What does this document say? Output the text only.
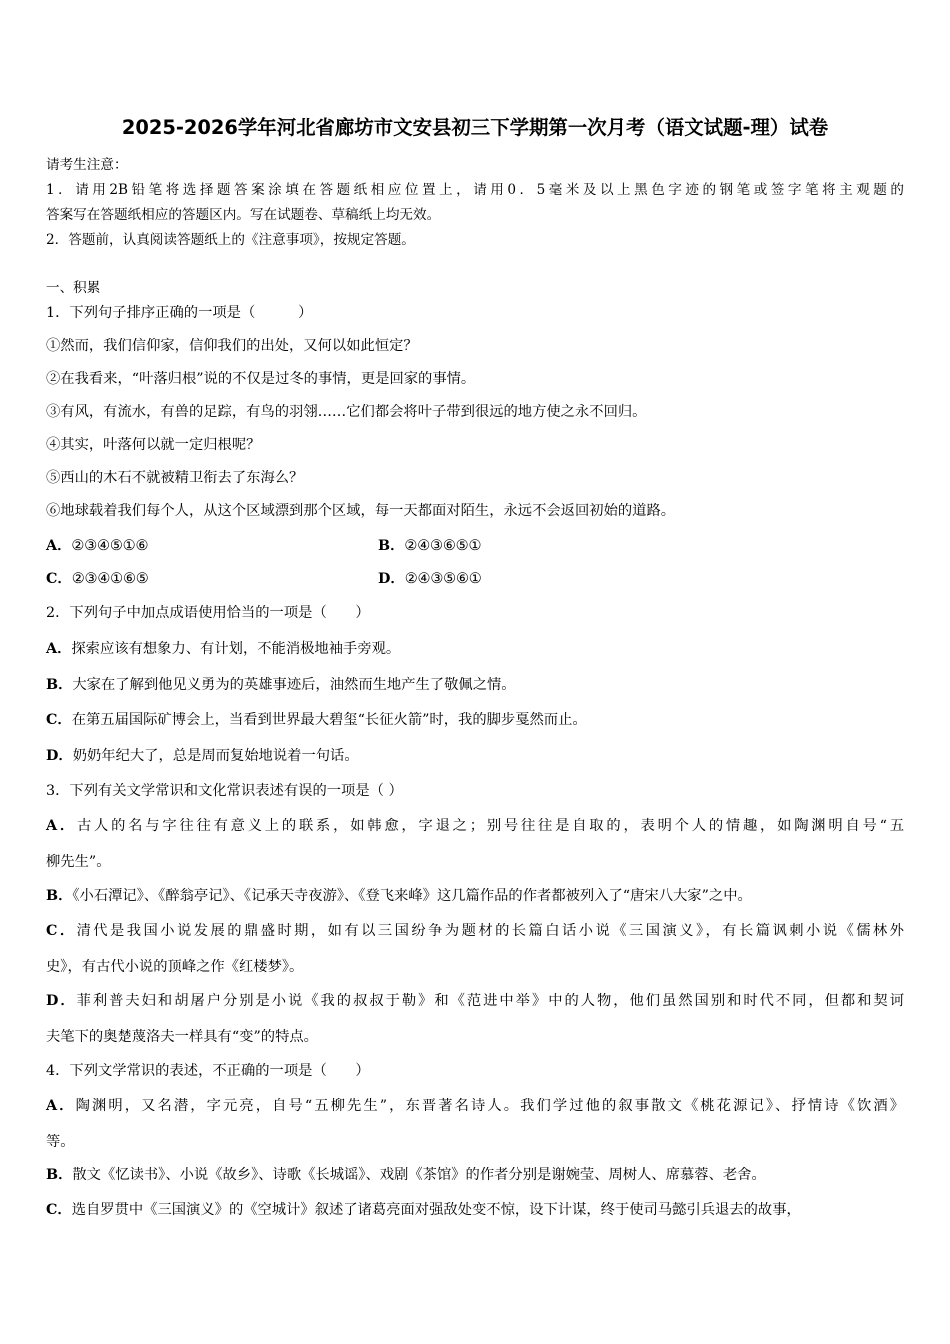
2025-2026学年河北省廊坊市文安县初三下学期第一次月考（语文试题-理）试卷
请考生注意：
1．请用2B铅笔将选择题答案涂填在答题纸相应位置上，请用0．5毫米及以上黑色字迹的钢笔或签字笔将主观题的
答案写在答题纸相应的答题区内。写在试题卷、草稿纸上均无效。
2．答题前，认真阅读答题纸上的《注意事项》，按规定答题。
一、积累
1．下列句子排序正确的一项是（　　　）
①然而，我们信仰家，信仰我们的出处，又何以如此恒定？
②在我看来，“叶落归根”说的不仅是过冬的事情，更是回家的事情。
③有风，有流水，有兽的足踪，有鸟的羽翎……它们都会将叶子带到很远的地方使之永不回归。
④其实，叶落何以就一定归根呢？
⑤西山的木石不就被精卫衔去了东海么？
⑥地球载着我们每个人，从这个区域漂到那个区域，每一天都面对陌生，永远不会返回初始的道路。
A．②③④⑤①⑥	B．②④③⑥⑤①
C．②③④①⑥⑤	D．②④③⑤⑥①
2．下列句子中加点成语使用恰当的一项是（　　）
A．探索应该有想象力、有计划，不能消极地袖手旁观。
B．大家在了解到他见义勇为的英雄事迹后，油然而生地产生了敬佩之情。
C．在第五届国际矿博会上，当看到世界最大碧玺“长征火箭”时，我的脚步戛然而止。
D．奶奶年纪大了，总是周而复始地说着一句话。
3．下列有关文学常识和文化常识表述有误的一项是（ ）
A．古人的名与字往往有意义上的联系，如韩愈，字退之；别号往往是自取的，表明个人的情趣，如陶渊明自号“五
柳先生”。
B．《小石潭记》、《醉翁亭记》、《记承天寺夜游》、《登飞来峰》这几篇作品的作者都被列入了“唐宋八大家”之中。
C．清代是我国小说发展的鼎盛时期，如有以三国纷争为题材的长篇白话小说《三国演义》，有长篇讽刺小说《儒林外
史》，有古代小说的顶峰之作《红楼梦》。
D．菲利普夫妇和胡屠户分别是小说《我的叔叔于勒》和《范进中举》中的人物，他们虽然国别和时代不同，但都和契诃
夫笔下的奥楚蔑洛夫一样具有“变”的特点。
4．下列文学常识的表述，不正确的一项是（　　）
A．陶渊明，又名潜，字元亮，自号“五柳先生”，东晋著名诗人。我们学过他的叙事散文《桃花源记》、抒情诗《饮酒》
等。
B．散文《忆读书》、小说《故乡》、诗歌《长城谣》、戏剧《茶馆》的作者分别是谢婉莹、周树人、席慕蓉、老舍。
C．选自罗贯中《三国演义》的《空城计》叙述了诸葛亮面对强敌处变不惊，设下计谋，终于使司马懿引兵退去的故事，
